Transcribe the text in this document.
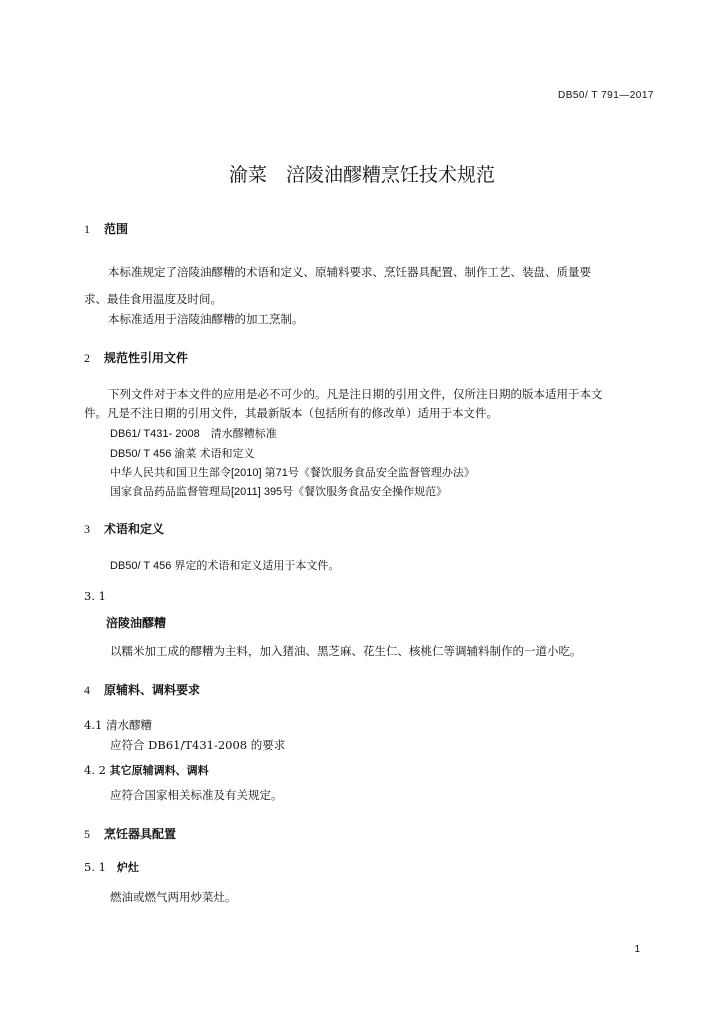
DB50/ T 791—2017
渝菜　涪陵油醪糟烹饪技术规范
1 范围
本标准规定了涪陵油醪糟的术语和定义、原辅料要求、烹饪器具配置、制作工艺、装盘、质量要
求、最佳食用温度及时间。
本标准适用于涪陵油醪糟的加工烹制。
2 规范性引用文件
下列文件对于本文件的应用是必不可少的。凡是注日期的引用文件，仅所注日期的版本适用于本文
件。凡是不注日期的引用文件，其最新版本（包括所有的修改单）适用于本文件。
DB61/ T431- 2008　清水醪糟标准
DB50/ T 456 渝菜 术语和定义
中华人民共和国卫生部令[2010] 第71号《餐饮服务食品安全监督管理办法》
国家食品药品监督管理局[2011] 395号《餐饮服务食品安全操作规范》
3 术语和定义
DB50/ T 456 界定的术语和定义适用于本文件。
3. 1
涪陵油醪糟
以糯米加工成的醪糟为主料，加入猪油、黑芝麻、花生仁、核桃仁等调辅料制作的一道小吃。
4 原辅料、调料要求
4.1 清水醪糟
应符合 DB61/T431-2008 的要求
4. 2 其它原辅调料、调料
应符合国家相关标准及有关规定。
5 烹饪器具配置
5. 1 炉灶
燃油或燃气两用炒菜灶。
1
